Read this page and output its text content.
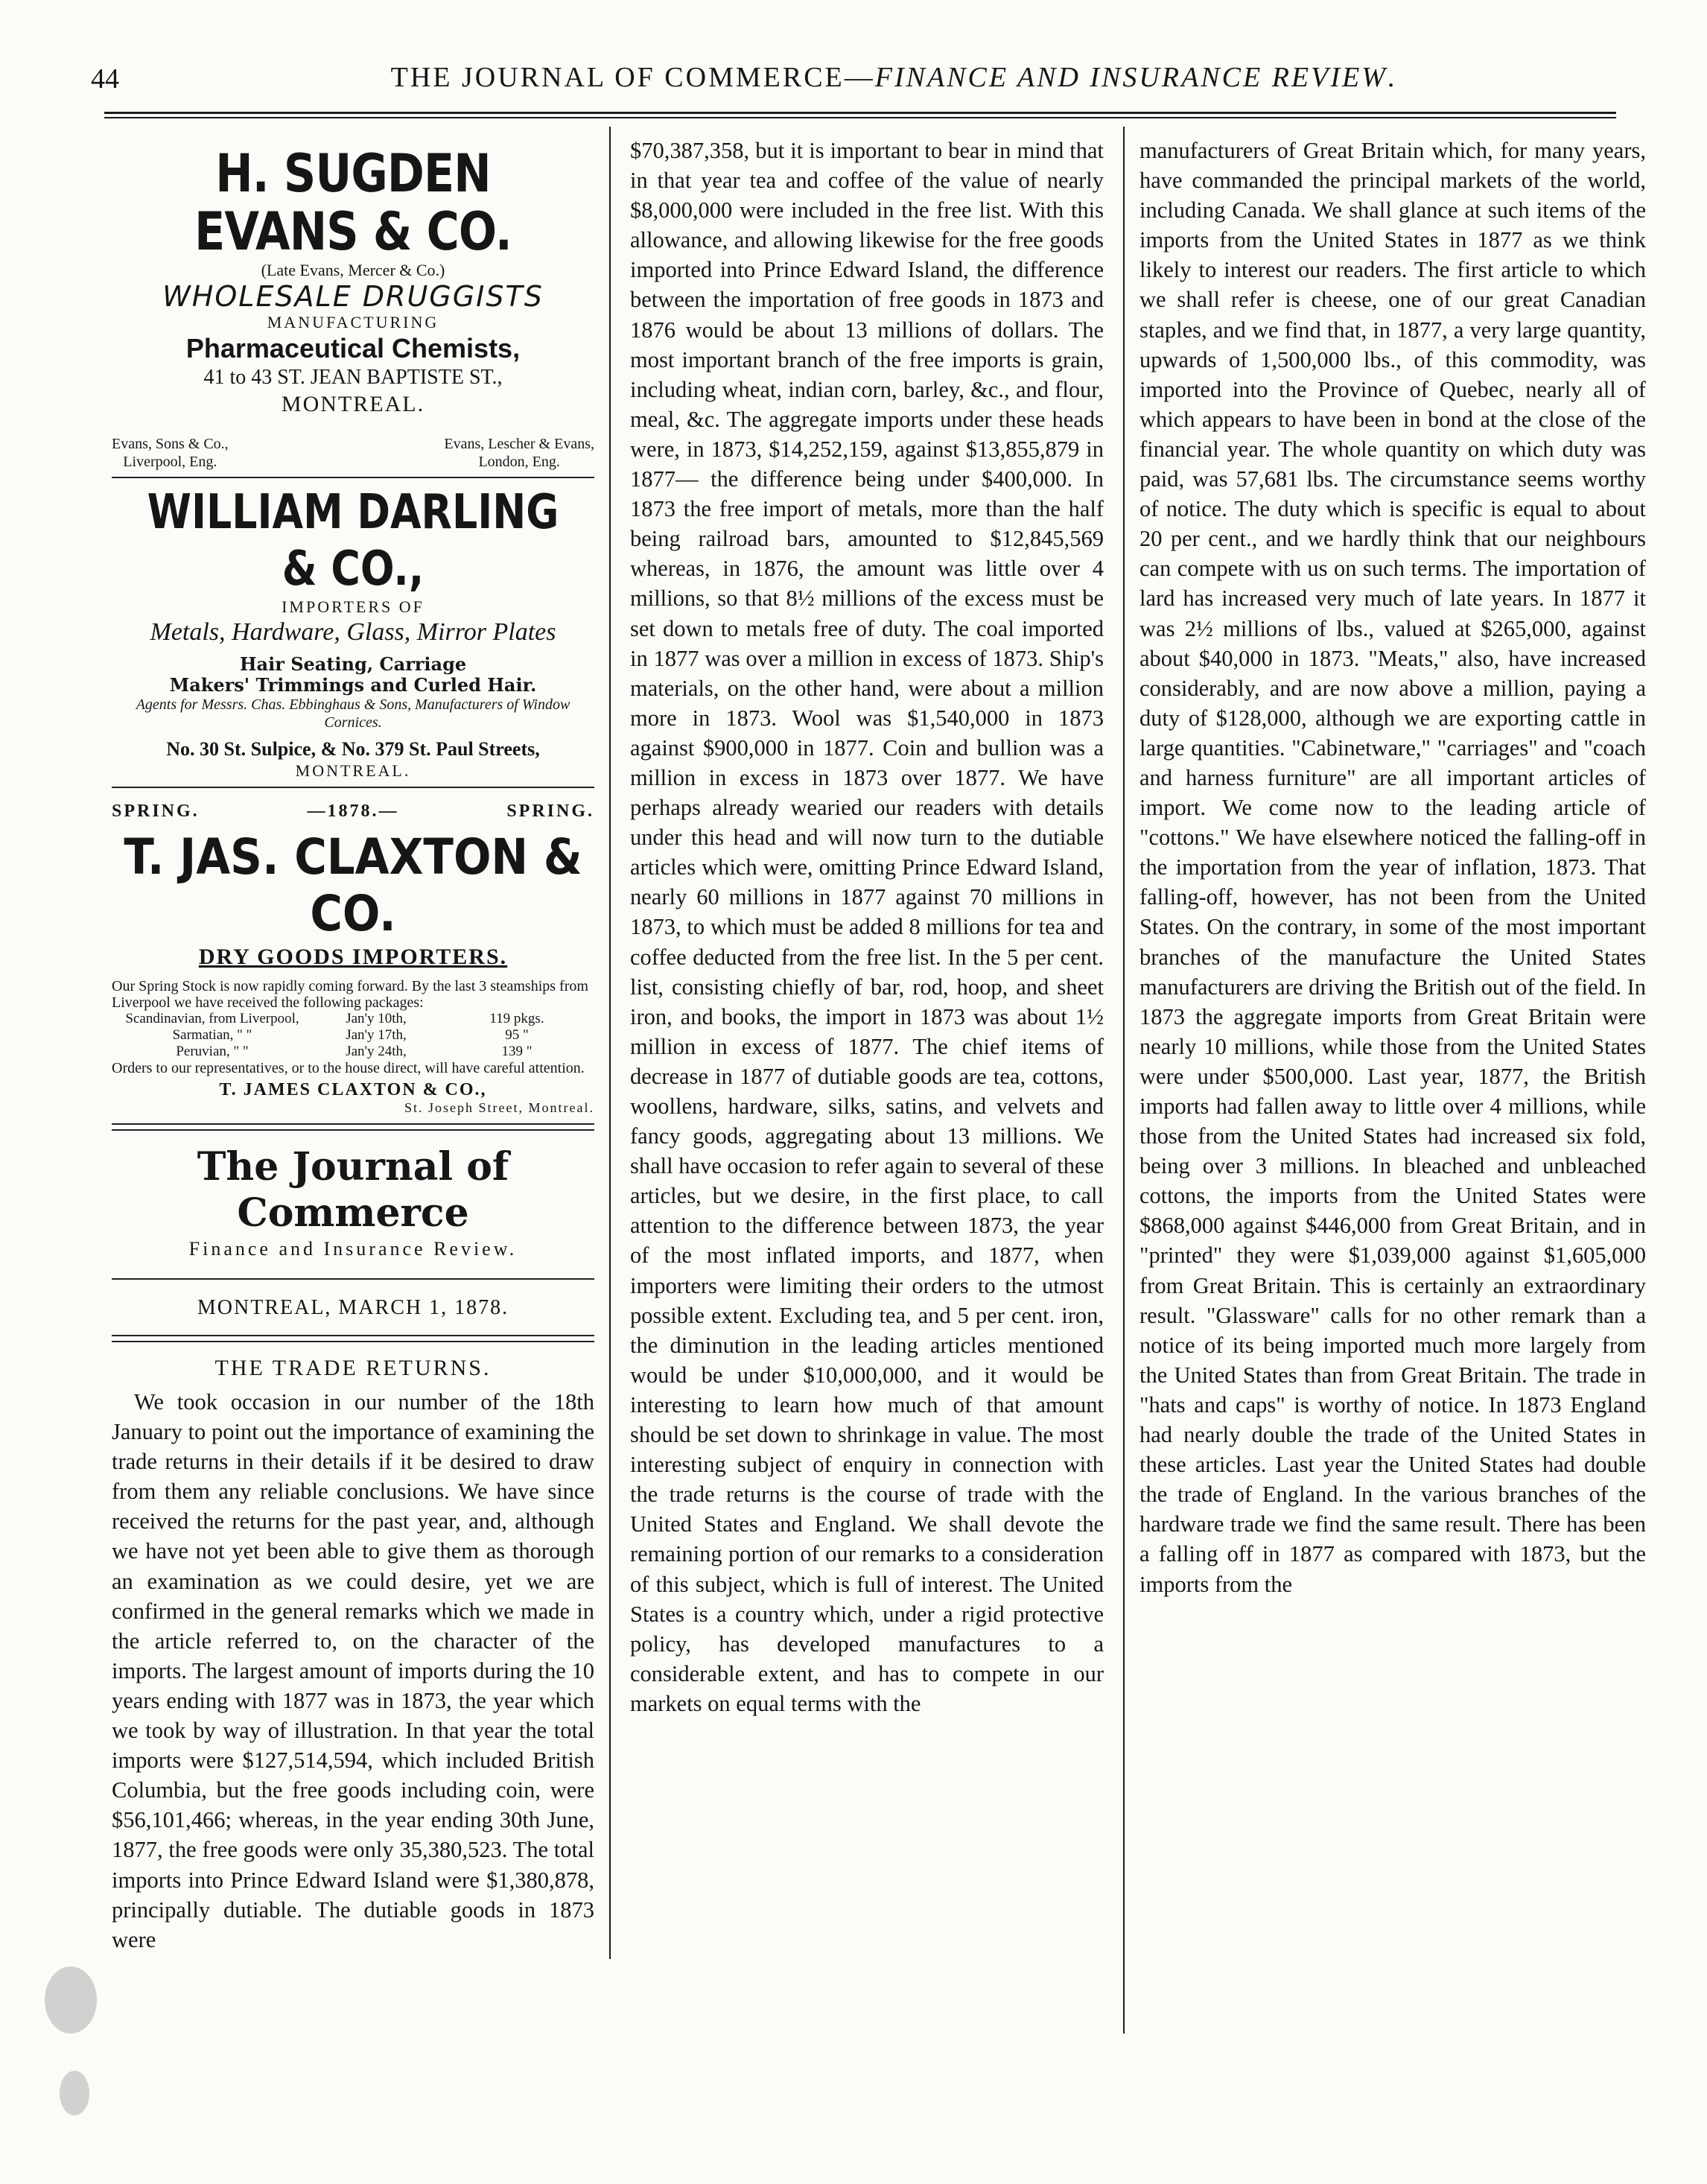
44	THE JOURNAL OF COMMERCE—FINANCE AND INSURANCE REVIEW.
H. SUGDEN EVANS & CO.
(Late Evans, Mercer & Co.)
WHOLESALE DRUGGISTS
MANUFACTURING
Pharmaceutical Chemists,
41 to 43 ST. JEAN BAPTISTE ST.,
MONTREAL.
Evans, Sons & Co.,
Liverpool, Eng.
Evans, Lescher & Evans,
London, Eng.
WILLIAM DARLING & CO.,
IMPORTERS OF
Metals, Hardware, Glass, Mirror Plates
Hair Seating, Carriage
Makers' Trimmings and Curled Hair.
Agents for Messrs. Chas. Ebbinghaus & Sons, Manufacturers of Window Cornices.
No. 30 St. Sulpice, & No. 379 St. Paul Streets,
MONTREAL.
SPRING.	—1878.—	SPRING.
T. JAS. CLAXTON & CO.
DRY GOODS IMPORTERS.
Our Spring Stock is now rapidly coming forward. By the last 3 steamships from Liverpool we have received the following packages:
Scandinavian, from Liverpool,	Jan'y 10th,	119 pkgs.
Sarmatian, " "	Jan'y 17th,	95 "
Peruvian, " "	Jan'y 24th,	139 "
Orders to our representatives, or to the house direct, will have careful attention.
T. JAMES CLAXTON & CO.,
St. Joseph Street, Montreal.
The Journal of Commerce
Finance and Insurance Review.
MONTREAL, MARCH 1, 1878.
THE TRADE RETURNS.

We took occasion in our number of the 18th January to point out the importance of examining the trade returns in their details if it be desired to draw from them any reliable conclusions. We have since received the returns for the past year, and, although we have not yet been able to give them as thorough an examination as we could desire, yet we are confirmed in the general remarks which we made in the article referred to, on the character of the imports. The largest amount of imports during the 10 years ending with 1877 was in 1873, the year which we took by way of illustration. In that year the total imports were $127,514,594, which included British Columbia, but the free goods including coin, were $56,101,466; whereas, in the year ending 30th June, 1877, the free goods were only 35,380,523. The total imports into Prince Edward Island were $1,380,878, principally dutiable. The dutiable goods in 1873 were

$70,387,358, but it is important to bear in mind that in that year tea and coffee of the value of nearly $8,000,000 were included in the free list. With this allowance, and allowing likewise for the free goods imported into Prince Edward Island, the difference between the importation of free goods in 1873 and 1876 would be about 13 millions of dollars. The most important branch of the free imports is grain, including wheat, indian corn, barley, &c., and flour, meal, &c. The aggregate imports under these heads were, in 1873, $14,252,159, against $13,855,879 in 1877— the difference being under $400,000. In 1873 the free import of metals, more than the half being railroad bars, amounted to $12,845,569 whereas, in 1876, the amount was little over 4 millions, so that 8½ millions of the excess must be set down to metals free of duty. The coal imported in 1877 was over a million in excess of 1873. Ship's materials, on the other hand, were about a million more in 1873. Wool was $1,540,000 in 1873 against $900,000 in 1877. Coin and bullion was a million in excess in 1873 over 1877. We have perhaps already wearied our readers with details under this head and will now turn to the dutiable articles which were, omitting Prince Edward Island, nearly 60 millions in 1877 against 70 millions in 1873, to which must be added 8 millions for tea and coffee deducted from the free list. In the 5 per cent. list, consisting chiefly of bar, rod, hoop, and sheet iron, and books, the import in 1873 was about 1½ million in excess of 1877. The chief items of decrease in 1877 of dutiable goods are tea, cottons, woollens, hardware, silks, satins, and velvets and fancy goods, aggregating about 13 millions. We shall have occasion to refer again to several of these articles, but we desire, in the first place, to call attention to the difference between 1873, the year of the most inflated imports, and 1877, when importers were limiting their orders to the utmost possible extent. Excluding tea, and 5 per cent. iron, the diminution in the leading articles mentioned would be under $10,000,000, and it would be interesting to learn how much of that amount should be set down to shrinkage in value. The most interesting subject of enquiry in connection with the trade returns is the course of trade with the United States and England. We shall devote the remaining portion of our remarks to a consideration of this subject, which is full of interest. The United States is a country which, under a rigid protective policy, has developed manufactures to a considerable extent, and has to compete in our markets on equal terms with the

manufacturers of Great Britain which, for many years, have commanded the principal markets of the world, including Canada. We shall glance at such items of the imports from the United States in 1877 as we think likely to interest our readers. The first article to which we shall refer is cheese, one of our great Canadian staples, and we find that, in 1877, a very large quantity, upwards of 1,500,000 lbs., of this commodity, was imported into the Province of Quebec, nearly all of which appears to have been in bond at the close of the financial year. The whole quantity on which duty was paid, was 57,681 lbs. The circumstance seems worthy of notice. The duty which is specific is equal to about 20 per cent., and we hardly think that our neighbours can compete with us on such terms. The importation of lard has increased very much of late years. In 1877 it was 2½ millions of lbs., valued at $265,000, against about $40,000 in 1873. "Meats," also, have increased considerably, and are now above a million, paying a duty of $128,000, although we are exporting cattle in large quantities. "Cabinetware," "carriages" and "coach and harness furniture" are all important articles of import. We come now to the leading article of "cottons." We have elsewhere noticed the falling-off in the importation from the year of inflation, 1873. That falling-off, however, has not been from the United States. On the contrary, in some of the most important branches of the manufacture the United States manufacturers are driving the British out of the field. In 1873 the aggregate imports from Great Britain were nearly 10 millions, while those from the United States were under $500,000. Last year, 1877, the British imports had fallen away to little over 4 millions, while those from the United States had increased six fold, being over 3 millions. In bleached and unbleached cottons, the imports from the United States were $868,000 against $446,000 from Great Britain, and in "printed" they were $1,039,000 against $1,605,000 from Great Britain. This is certainly an extraordinary result. "Glassware" calls for no other remark than a notice of its being imported much more largely from the United States than from Great Britain. The trade in "hats and caps" is worthy of notice. In 1873 England had nearly double the trade of the United States in these articles. Last year the United States had double the trade of England. In the various branches of the hardware trade we find the same result. There has been a falling off in 1877 as compared with 1873, but the imports from the
